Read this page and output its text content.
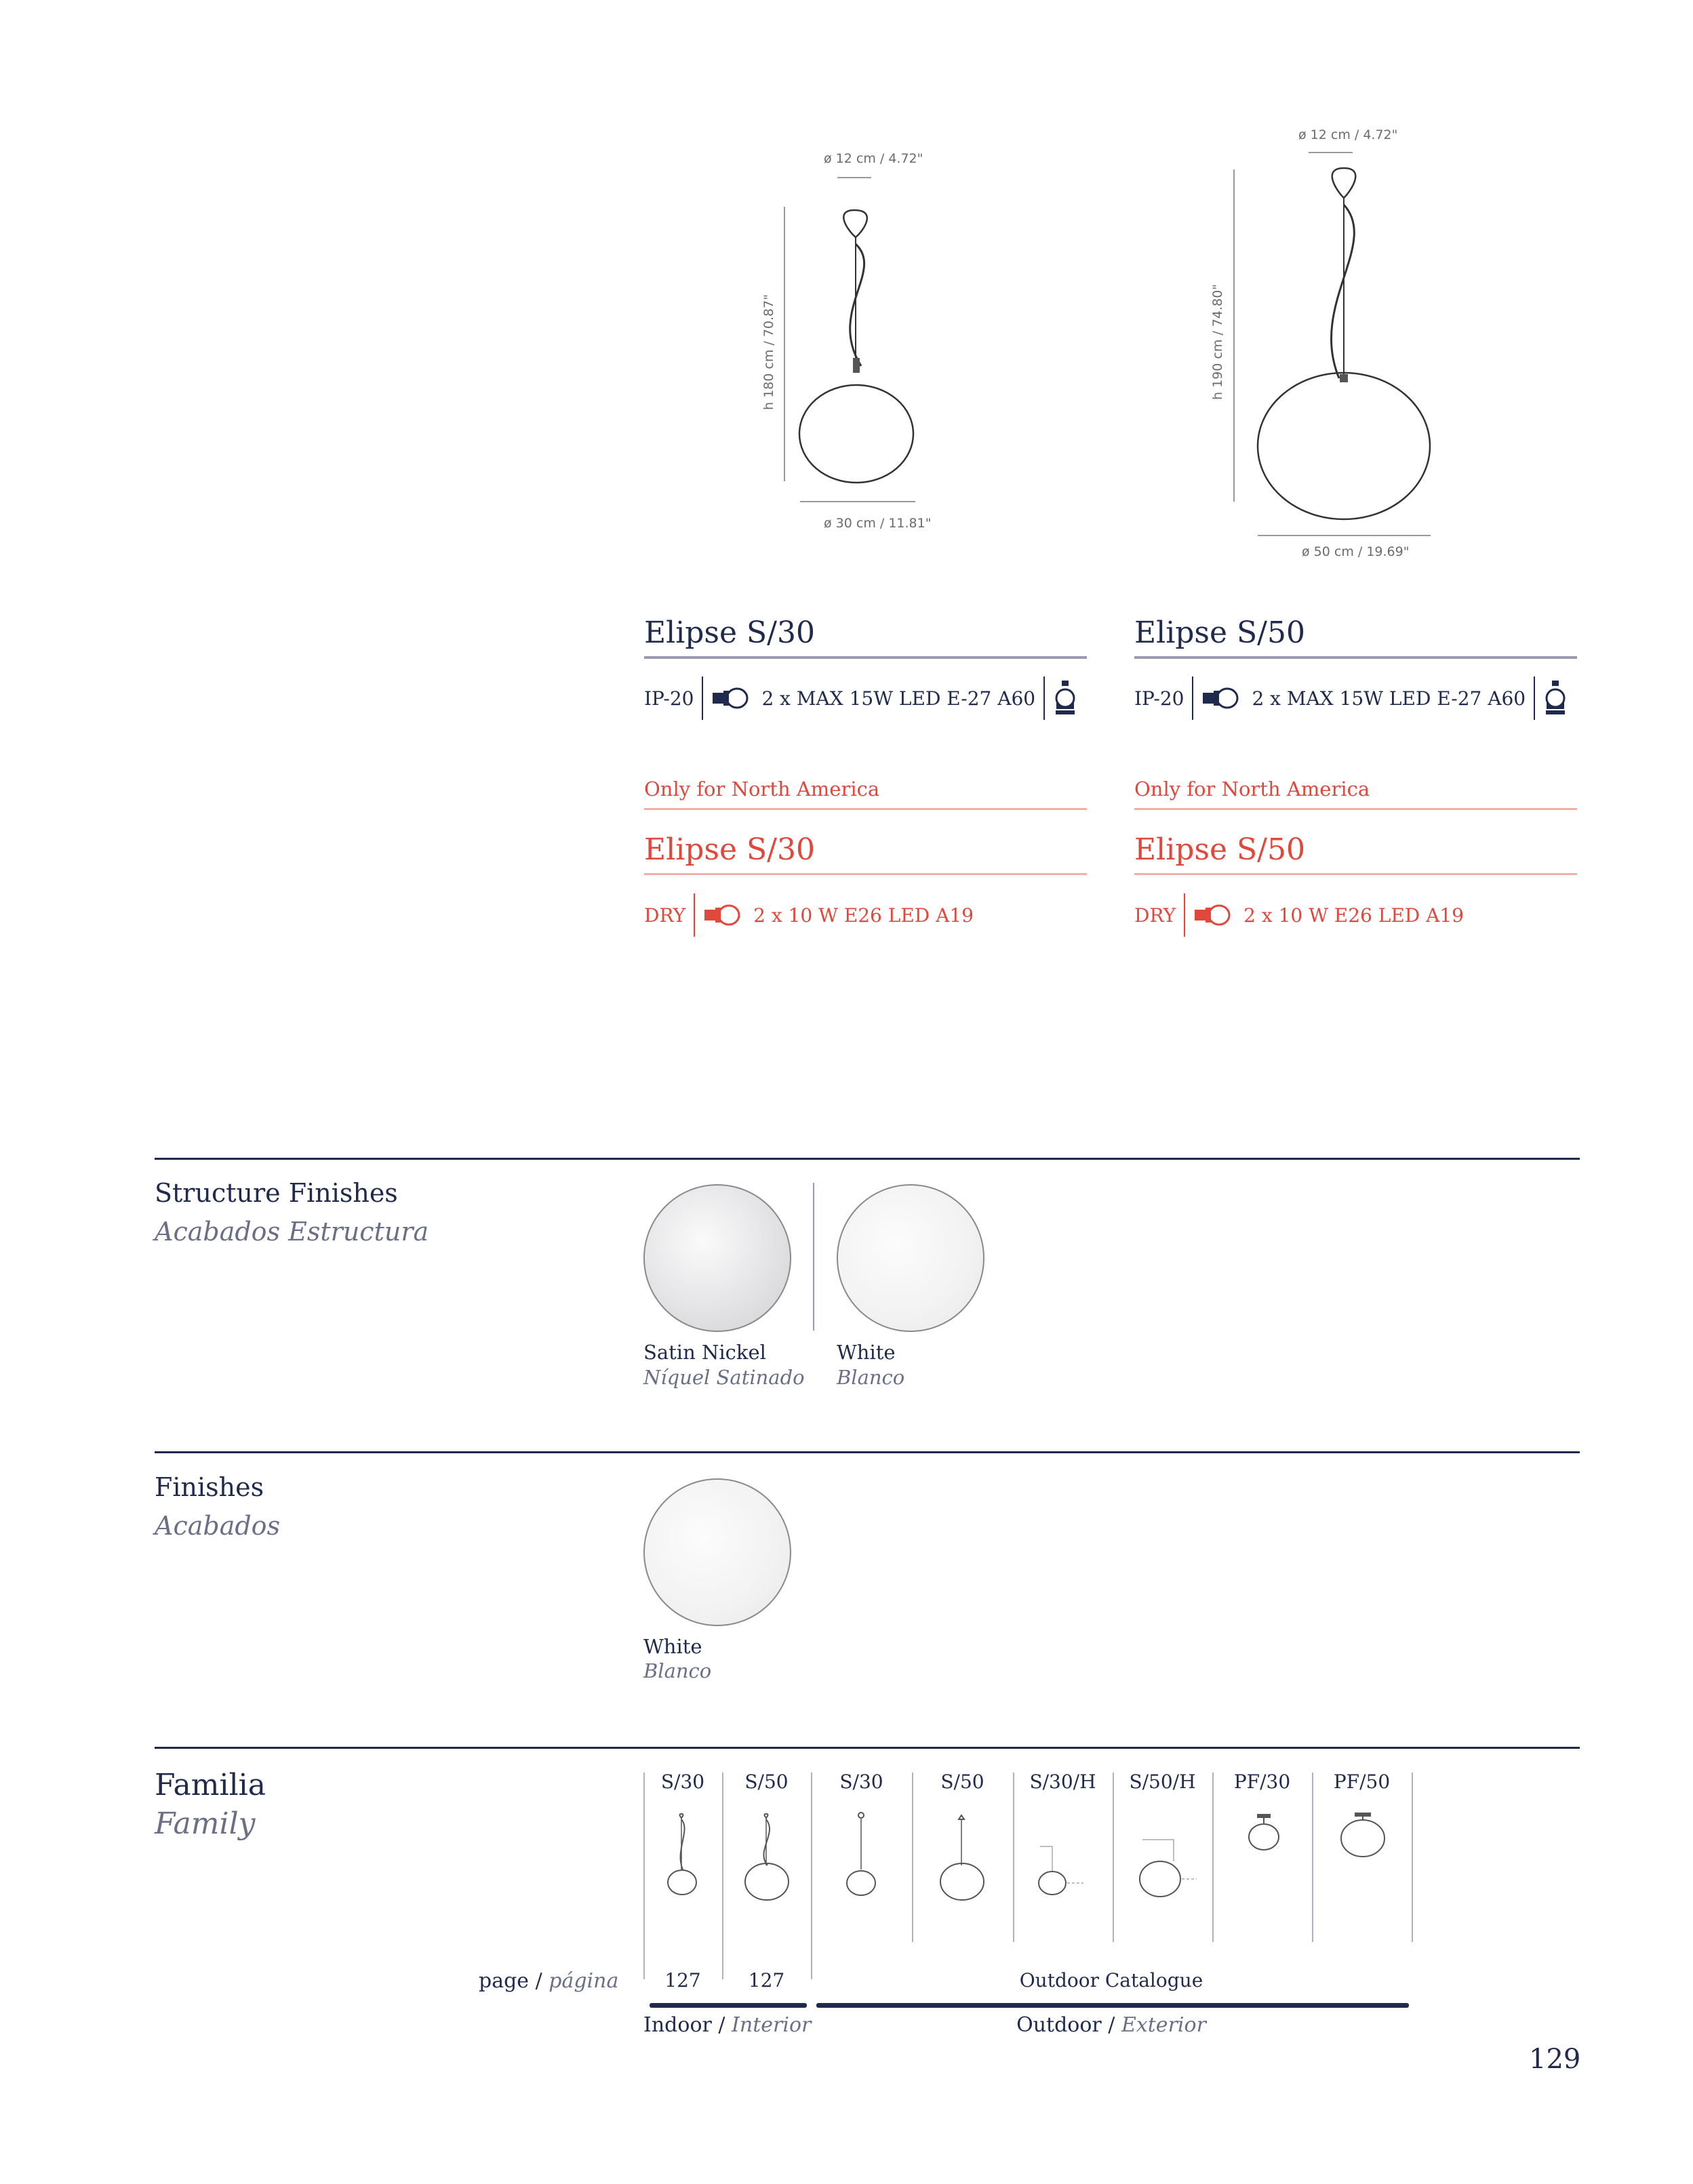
ø 12 cm / 4.72"
h 180 cm / 70.87"
ø 30 cm / 11.81"
ø 12 cm / 4.72"
h 190 cm / 74.80"
ø 50 cm / 19.69"
Elipse S/30
IP-20	2 x MAX 15W LED E-27 A60
Only for North America
Elipse S/30
DRY	2 x 10 W E26 LED A19
Elipse S/50
IP-20	2 x MAX 15W LED E-27 A60
Only for North America
Elipse S/50
DRY	2 x 10 W E26 LED A19
Structure Finishes
Acabados Estructura
Satin Nickel
Níquel Satinado
White
Blanco
Finishes
Acabados
White
Blanco
Familia
Family
S/30	S/50	S/30	S/50	S/30/H	S/50/H	PF/30	PF/50
page / página	127	127	Outdoor Catalogue
Indoor / Interior	Outdoor / Exterior
129
